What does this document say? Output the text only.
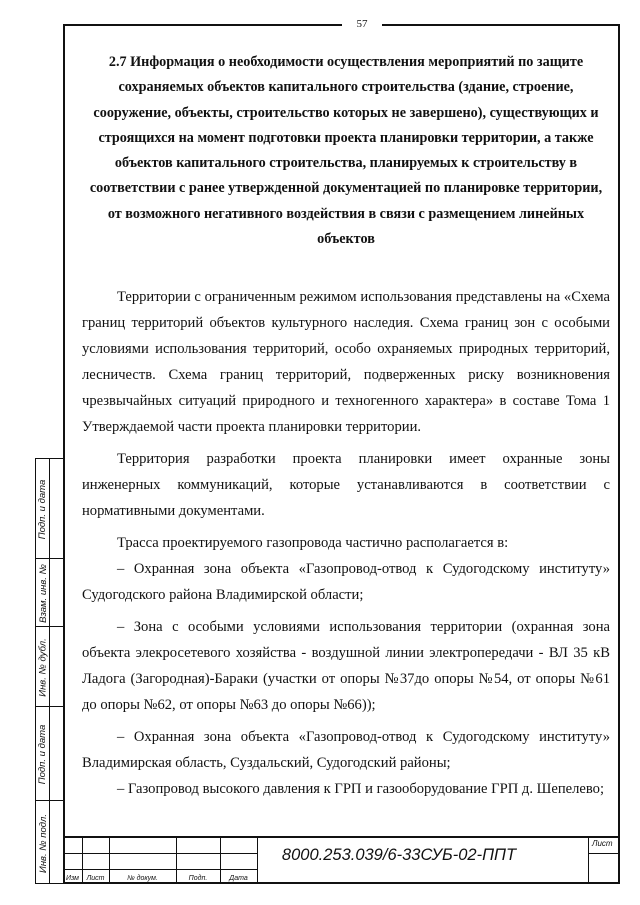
57
2.7 Информация о необходимости осуществления мероприятий по защите сохраняемых объектов капитального строительства (здание, строение, сооружение, объекты, строительство которых не завершено), существующих и строящихся на момент подготовки проекта планировки территории, а также объектов капитального строительства, планируемых к строительству в соответствии с ранее утвержденной документацией по планировке территории, от возможного негативного воздействия в связи с размещением линейных объектов

Территории с ограниченным режимом использования представлены на «Схема границ территорий объектов культурного наследия. Схема границ зон с особыми условиями использования территорий, особо охраняемых природных территорий, лесничеств. Схема границ территорий, подверженных риску возникновения чрезвычайных ситуаций природного и техногенного характера» в составе Тома 1 Утверждаемой части проекта планировки территории.

Территория разработки проекта планировки имеет охранные зоны инженерных коммуникаций, которые устанавливаются в соответствии с нормативными документами.

Трасса проектируемого газопровода частично располагается в:

– Охранная зона объекта «Газопровод-отвод к Судогодскому институту» Судогодского района Владимирской области;

– Зона с особыми условиями использования территории (охранная зона объекта элекросетевого хозяйства - воздушной линии электропередачи - ВЛ 35 кВ Ладога (Загородная)-Бараки (участки от опоры №37до опоры №54, от опоры №61 до опоры №62, от опоры №63 до опоры №66));

– Охранная зона объекта «Газопровод-отвод к Судогодскому институту» Владимирская область, Суздальский, Судогодский районы;

– Газопровод высокого давления к ГРП и газооборудование ГРП д. Шепелево;

Подп. и дата
Взам. инв. №
Инв. № дубл.
Подп. и дата
Инв. № подл.
Изм	Лист	№ докум.	Подп.	Дата
8000.253.039/6-33СУБ-02-ППТ
Лист
